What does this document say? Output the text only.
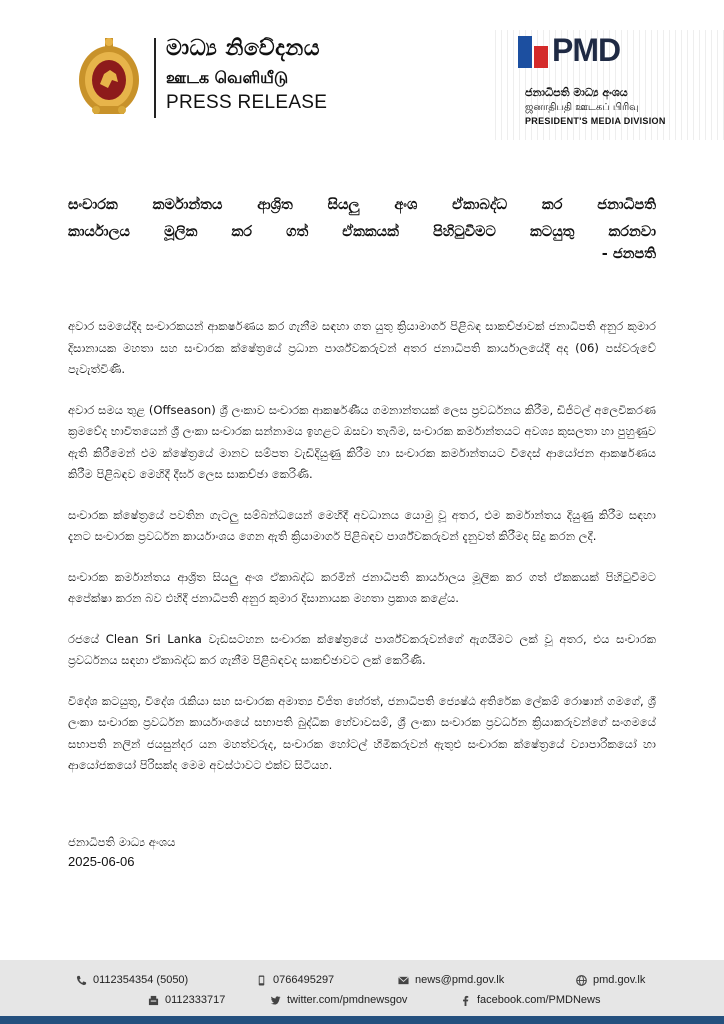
මාධ්‍ය නිවේදනය
ஊடக வெளியீடு
PRESS RELEASE
PMD
ජනාධිපති මාධ්‍ය අංශය
ஜனாதிபதி ஊடகப் பிரிவு
PRESIDENT'S MEDIA DIVISION

සංචාරක කර්මාන්තය ආශ්‍රිත සියලු අංශ ඒකාබද්ධ කර ජනාධිපති

කාර්යාලය මූලික කර ගත් ඒකකයක් පිහිටුවීමට කටයුතු කරනවා

- ජනපති

අවාර සමයේදීද සංචාරකයන් ආකර්ෂණය කර ගැනීම සඳහා ගත යුතු ක්‍රියාමාර්ග පිළිබඳ සාකච්ඡාවක් ජනාධිපති අනුර කුමාර දිසානායක මහතා සහ සංචාරක ක්ෂේත්‍රයේ ප්‍රධාන පාර්ශ්වකරුවන් අතර ජනාධිපති කාර්යාලයේදී අද (06) පස්වරුවේ පැවැත්විණි.

අවාර සමය තුළ (Offseason) ශ්‍රී ලංකාව සංචාරක ආකර්ෂණීය ගමනාන්තයක් ලෙස ප්‍රවර්ධනය කිරීම, ඩිජිටල් අලෙවිකරණ ක්‍රමවේද භාවිතයෙන් ශ්‍රී ලංකා සංචාරක සන්නාමය ඉහළට ඔසවා තැබීම, සංචාරක කර්මාන්තයට අවශ්‍ය කුසලතා හා පුහුණුව ඇති කිරීමෙන් එම ක්ෂේත්‍රයේ මානව සම්පත වැඩිදියුණු කිරීම හා සංචාරක කර්මාන්තයට විදෙස් ආයෝජන ආකර්ෂණය කිරීම පිළිබඳව මෙහිදී දීර්ඝ ලෙස සාකච්ඡා කෙරිණි.

සංචාරක ක්ෂේත්‍රයේ පවතින ගැටලු සම්බන්ධයෙන් මෙහිදී අවධානය යොමු වූ අතර, එම කර්මාන්තය දියුණු කිරීම සඳහා දැනට සංචාරක ප්‍රවර්ධන කාර්යාංශය ගෙන ඇති ක්‍රියාමාර්ග පිළිබඳව පාර්ශ්වකරුවන් දැනුවත් කිරීමද සිදු කරන ලදී.

සංචාරක කර්මාන්තය ආශ්‍රිත සියලු අංශ ඒකාබද්ධ කරමින් ජනාධිපති කාර්යාලය මූලික කර ගත් ඒකකයක් පිහිටුවීමට අපේක්ෂා කරන බව එහිදී ජනාධිපති අනුර කුමාර දිසානායක මහතා ප්‍රකාශ කළේය.

රජයේ Clean Sri Lanka වැඩසටහන සංචාරක ක්ෂේත්‍රයේ පාර්ශ්වකරුවන්ගේ ඇගයීමට ලක් වූ අතර, එය සංචාරක ප්‍රවර්ධනය සඳහා ඒකාබද්ධ කර ගැනීම පිළිබඳවද සාකච්ඡාවට ලක් කෙරිණි.

විදේශ කටයුතු, විදේශ රැකියා සහ සංචාරක අමාත්‍ය විජිත හේරත්, ජනාධිපති ජ්‍යෙෂ්ඨ අතිරේක ලේකම් රොෂාන් ගමගේ, ශ්‍රී ලංකා සංචාරක ප්‍රවර්ධන කාර්යාංශයේ සභාපති බුද්ධික හේවාවසම්, ශ්‍රී ලංකා සංචාරක ප්‍රවර්ධන ක්‍රියාකරුවන්ගේ සංගමයේ සභාපති නලින් ජයසුන්දර යන මහත්වරුද, සංචාරක හෝටල් හිමිකරුවන් ඇතුළු සංචාරක ක්ෂේත්‍රයේ ව්‍යාපාරිකයෝ හා ආයෝජකයෝ පිරිසක්ද මෙම අවස්ථාවට එක්ව සිටියහ.

ජනාධිපති මාධ්‍ය අංශය
2025-06-06
0112354354 (5050)	0766495297	news@pmd.gov.lk	pmd.gov.lk
0112333717	twitter.com/pmdnewsgov	facebook.com/PMDNews
